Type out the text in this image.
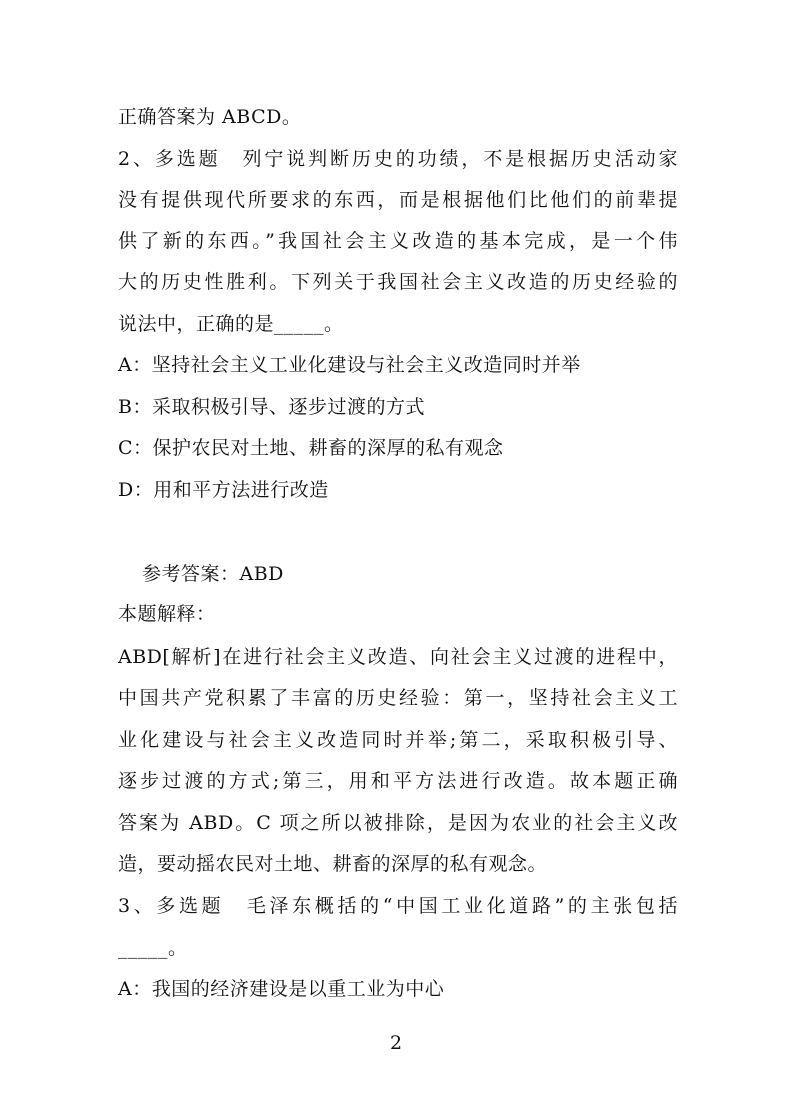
正确答案为 ABCD。
2、多选题　列宁说判断历史的功绩，不是根据历史活动家
没有提供现代所要求的东西，而是根据他们比他们的前辈提
供了新的东西。”我国社会主义改造的基本完成，是一个伟
大的历史性胜利。下列关于我国社会主义改造的历史经验的
说法中，正确的是_____。
A：坚持社会主义工业化建设与社会主义改造同时并举
B：采取积极引导、逐步过渡的方式
C：保护农民对土地、耕畜的深厚的私有观念
D：用和平方法进行改造
参考答案：ABD
本题解释：
ABD[解析]在进行社会主义改造、向社会主义过渡的进程中，
中国共产党积累了丰富的历史经验：第一，坚持社会主义工
业化建设与社会主义改造同时并举;第二，采取积极引导、
逐步过渡的方式;第三，用和平方法进行改造。故本题正确
答案为 ABD。C 项之所以被排除，是因为农业的社会主义改
造，要动摇农民对土地、耕畜的深厚的私有观念。
3、多选题　毛泽东概括的“中国工业化道路”的主张包括
_____。
A：我国的经济建设是以重工业为中心
2
